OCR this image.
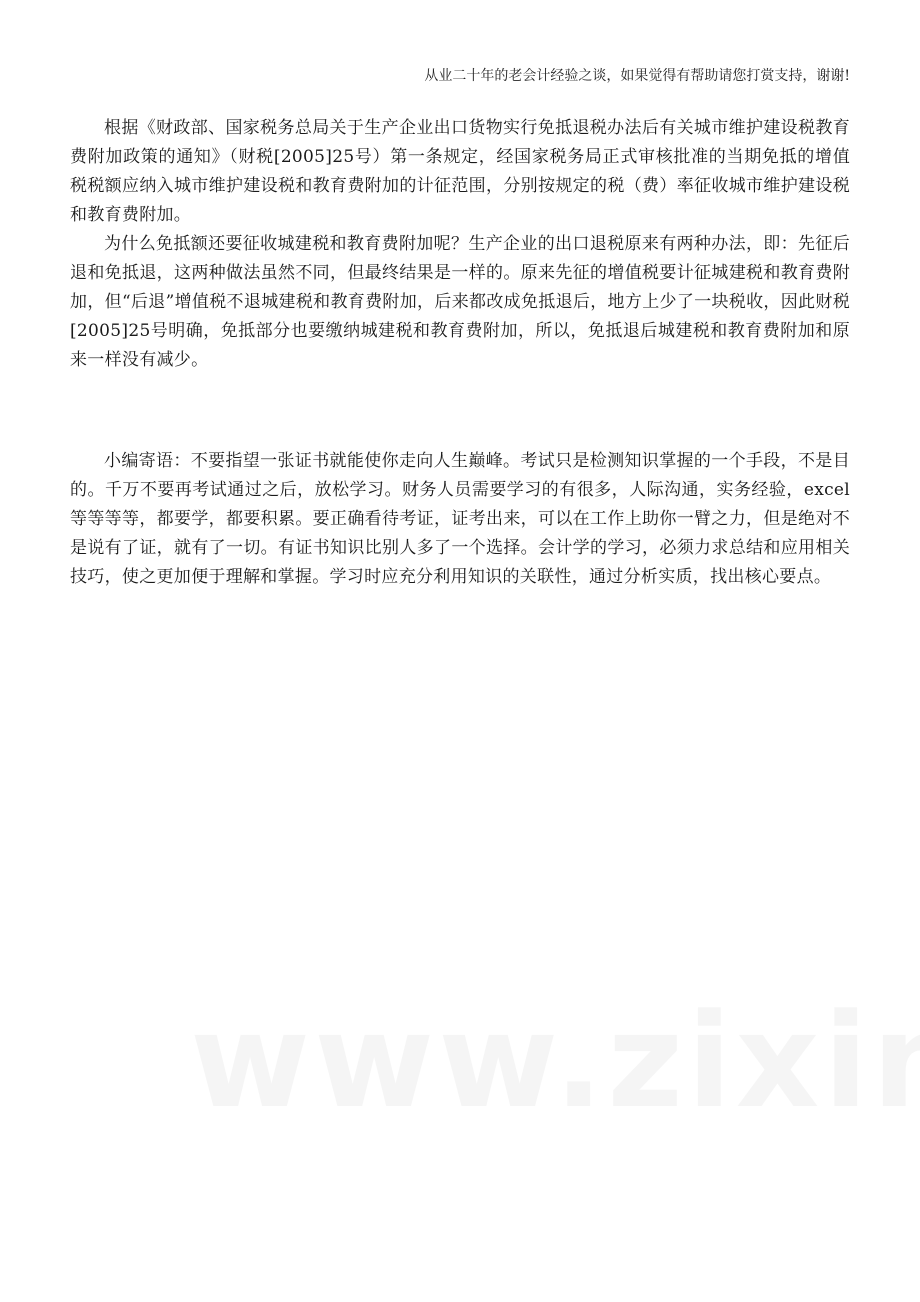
从业二十年的老会计经验之谈，如果觉得有帮助请您打赏支持，谢谢!

根据《财政部、国家税务总局关于生产企业出口货物实行免抵退税办法后有关城市维护建设税教育费附加政策的通知》（财税[2005]25号）第一条规定，经国家税务局正式审核批准的当期免抵的增值税税额应纳入城市维护建设税和教育费附加的计征范围，分别按规定的税（费）率征收城市维护建设税和教育费附加。

为什么免抵额还要征收城建税和教育费附加呢？生产企业的出口退税原来有两种办法，即：先征后退和免抵退，这两种做法虽然不同，但最终结果是一样的。原来先征的增值税要计征城建税和教育费附加，但“后退”增值税不退城建税和教育费附加，后来都改成免抵退后，地方上少了一块税收，因此财税[2005]25号明确，免抵部分也要缴纳城建税和教育费附加，所以，免抵退后城建税和教育费附加和原来一样没有减少。

小编寄语：不要指望一张证书就能使你走向人生巅峰。考试只是检测知识掌握的一个手段，不是目的。千万不要再考试通过之后，放松学习。财务人员需要学习的有很多，人际沟通，实务经验，excel等等等等，都要学，都要积累。要正确看待考证，证考出来，可以在工作上助你一臂之力，但是绝对不是说有了证，就有了一切。有证书知识比别人多了一个选择。会计学的学习，必须力求总结和应用相关技巧，使之更加便于理解和掌握。学习时应充分利用知识的关联性，通过分析实质，找出核心要点。
